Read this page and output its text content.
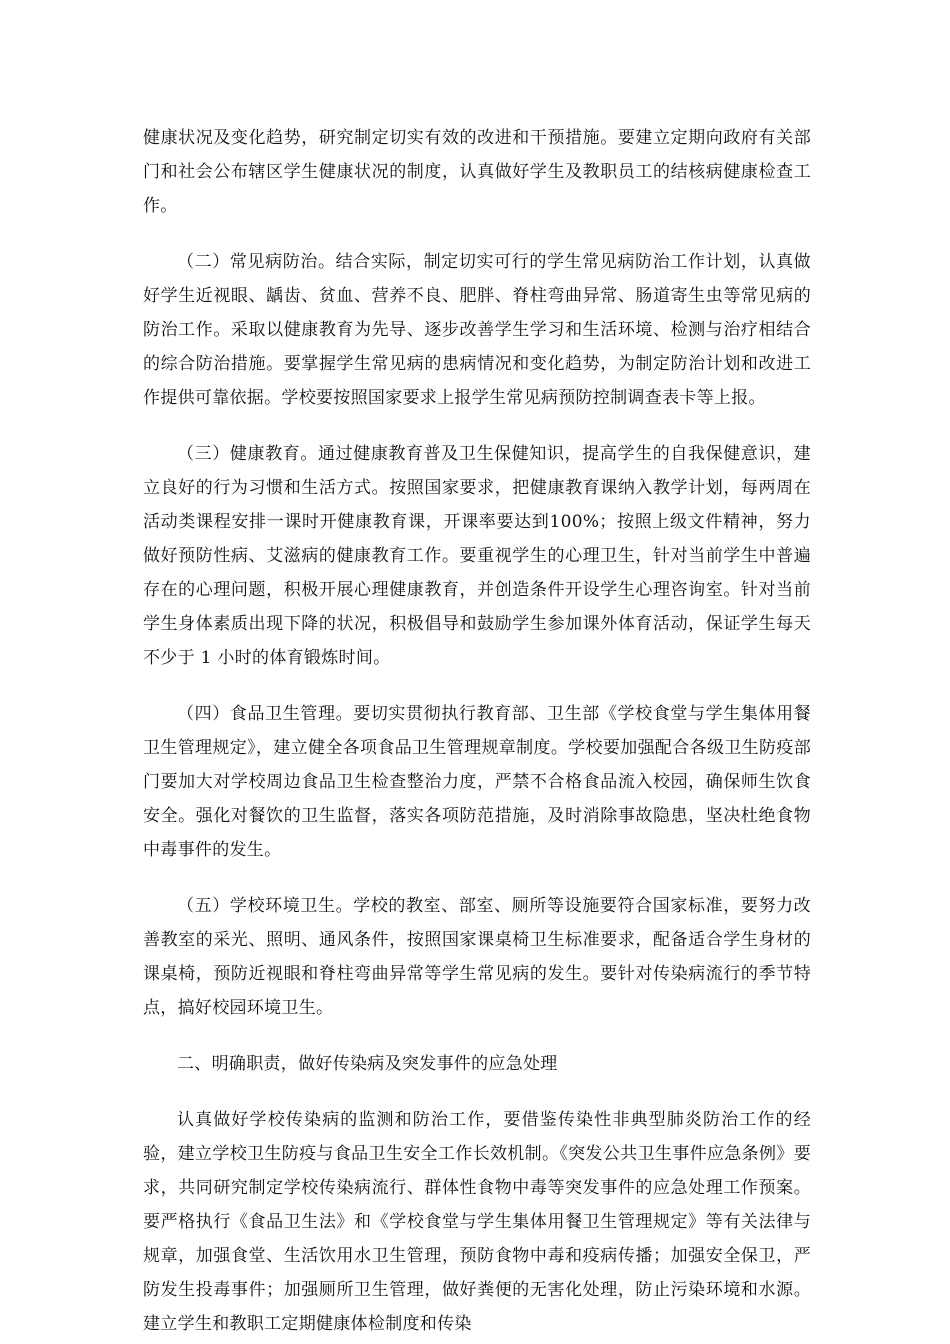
健康状况及变化趋势，研究制定切实有效的改进和干预措施。要建立定期向政府有关部门和社会公布辖区学生健康状况的制度，认真做好学生及教职员工的结核病健康检查工作。

（二）常见病防治。结合实际，制定切实可行的学生常见病防治工作计划，认真做好学生近视眼、龋齿、贫血、营养不良、肥胖、脊柱弯曲异常、肠道寄生虫等常见病的防治工作。采取以健康教育为先导、逐步改善学生学习和生活环境、检测与治疗相结合的综合防治措施。要掌握学生常见病的患病情况和变化趋势，为制定防治计划和改进工作提供可靠依据。学校要按照国家要求上报学生常见病预防控制调查表卡等上报。

（三）健康教育。通过健康教育普及卫生保健知识，提高学生的自我保健意识，建立良好的行为习惯和生活方式。按照国家要求，把健康教育课纳入教学计划，每两周在活动类课程安排一课时开健康教育课，开课率要达到100%；按照上级文件精神，努力做好预防性病、艾滋病的健康教育工作。要重视学生的心理卫生，针对当前学生中普遍存在的心理问题，积极开展心理健康教育，并创造条件开设学生心理咨询室。针对当前学生身体素质出现下降的状况，积极倡导和鼓励学生参加课外体育活动，保证学生每天不少于 1 小时的体育锻炼时间。

（四）食品卫生管理。要切实贯彻执行教育部、卫生部《学校食堂与学生集体用餐卫生管理规定》，建立健全各项食品卫生管理规章制度。学校要加强配合各级卫生防疫部门要加大对学校周边食品卫生检查整治力度，严禁不合格食品流入校园，确保师生饮食安全。强化对餐饮的卫生监督，落实各项防范措施，及时消除事故隐患，坚决杜绝食物中毒事件的发生。

（五）学校环境卫生。学校的教室、部室、厕所等设施要符合国家标准，要努力改善教室的采光、照明、通风条件，按照国家课桌椅卫生标准要求，配备适合学生身材的课桌椅，预防近视眼和脊柱弯曲异常等学生常见病的发生。要针对传染病流行的季节特点，搞好校园环境卫生。

二、明确职责，做好传染病及突发事件的应急处理

认真做好学校传染病的监测和防治工作，要借鉴传染性非典型肺炎防治工作的经验，建立学校卫生防疫与食品卫生安全工作长效机制。《突发公共卫生事件应急条例》要求，共同研究制定学校传染病流行、群体性食物中毒等突发事件的应急处理工作预案。要严格执行《食品卫生法》和《学校食堂与学生集体用餐卫生管理规定》等有关法律与规章，加强食堂、生活饮用水卫生管理，预防食物中毒和疫病传播；加强安全保卫，严防发生投毒事件；加强厕所卫生管理，做好粪便的无害化处理，防止污染环境和水源。建立学生和教职工定期健康体检制度和传染
